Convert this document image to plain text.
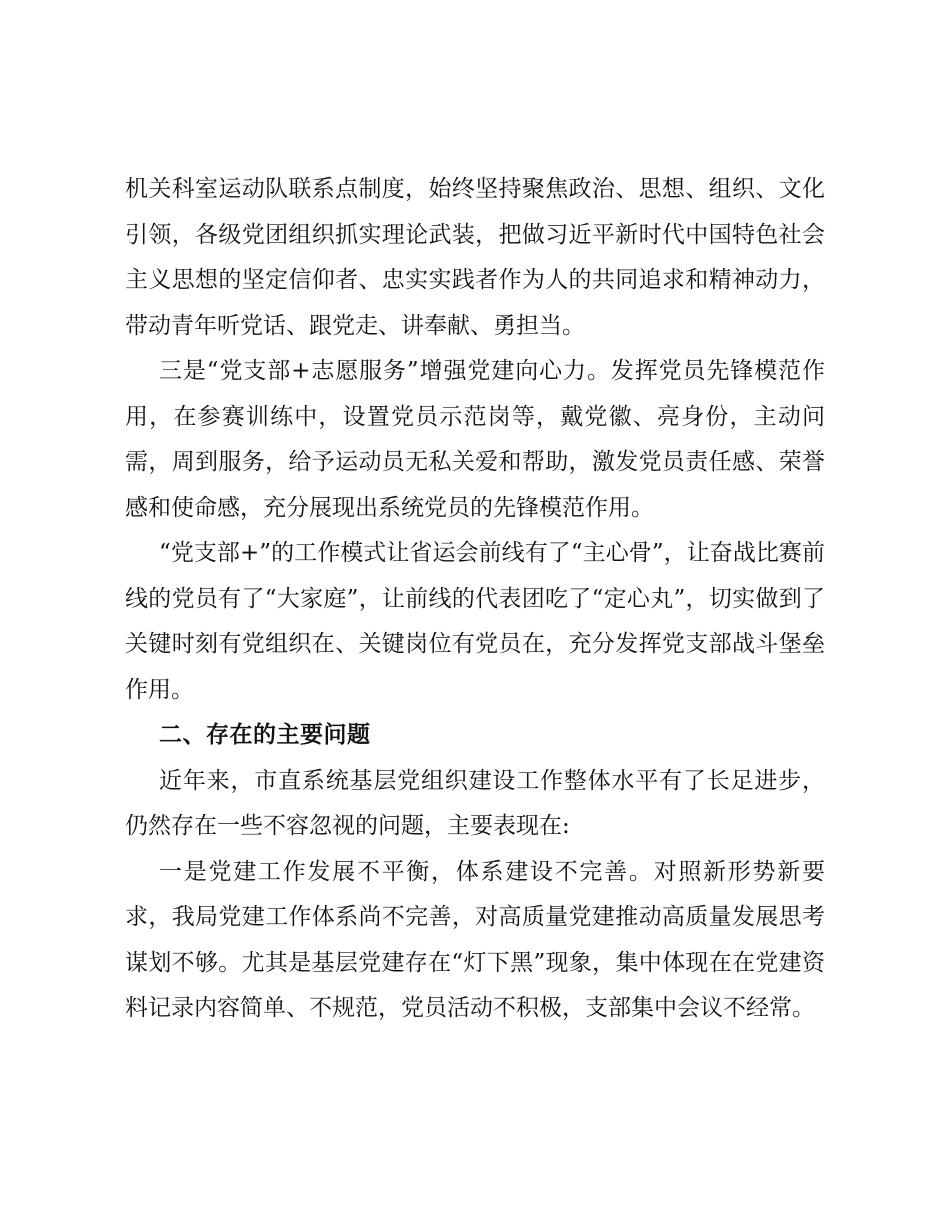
机关科室运动队联系点制度，始终坚持聚焦政治、思想、组织、文化引领，各级党团组织抓实理论武装，把做习近平新时代中国特色社会主义思想的坚定信仰者、忠实实践者作为人的共同追求和精神动力，带动青年听党话、跟党走、讲奉献、勇担当。

三是“党支部+志愿服务”增强党建向心力。发挥党员先锋模范作用，在参赛训练中，设置党员示范岗等，戴党徽、亮身份，主动问需，周到服务，给予运动员无私关爱和帮助，激发党员责任感、荣誉感和使命感，充分展现出系统党员的先锋模范作用。

“党支部+”的工作模式让省运会前线有了“主心骨”，让奋战比赛前线的党员有了“大家庭”，让前线的代表团吃了“定心丸”，切实做到了关键时刻有党组织在、关键岗位有党员在，充分发挥党支部战斗堡垒作用。

二、存在的主要问题

近年来，市直系统基层党组织建设工作整体水平有了长足进步，仍然存在一些不容忽视的问题，主要表现在:

一是党建工作发展不平衡，体系建设不完善。对照新形势新要求，我局党建工作体系尚不完善，对高质量党建推动高质量发展思考谋划不够。尤其是基层党建存在“灯下黑”现象，集中体现在在党建资料记录内容简单、不规范，党员活动不积极，支部集中会议不经常。
